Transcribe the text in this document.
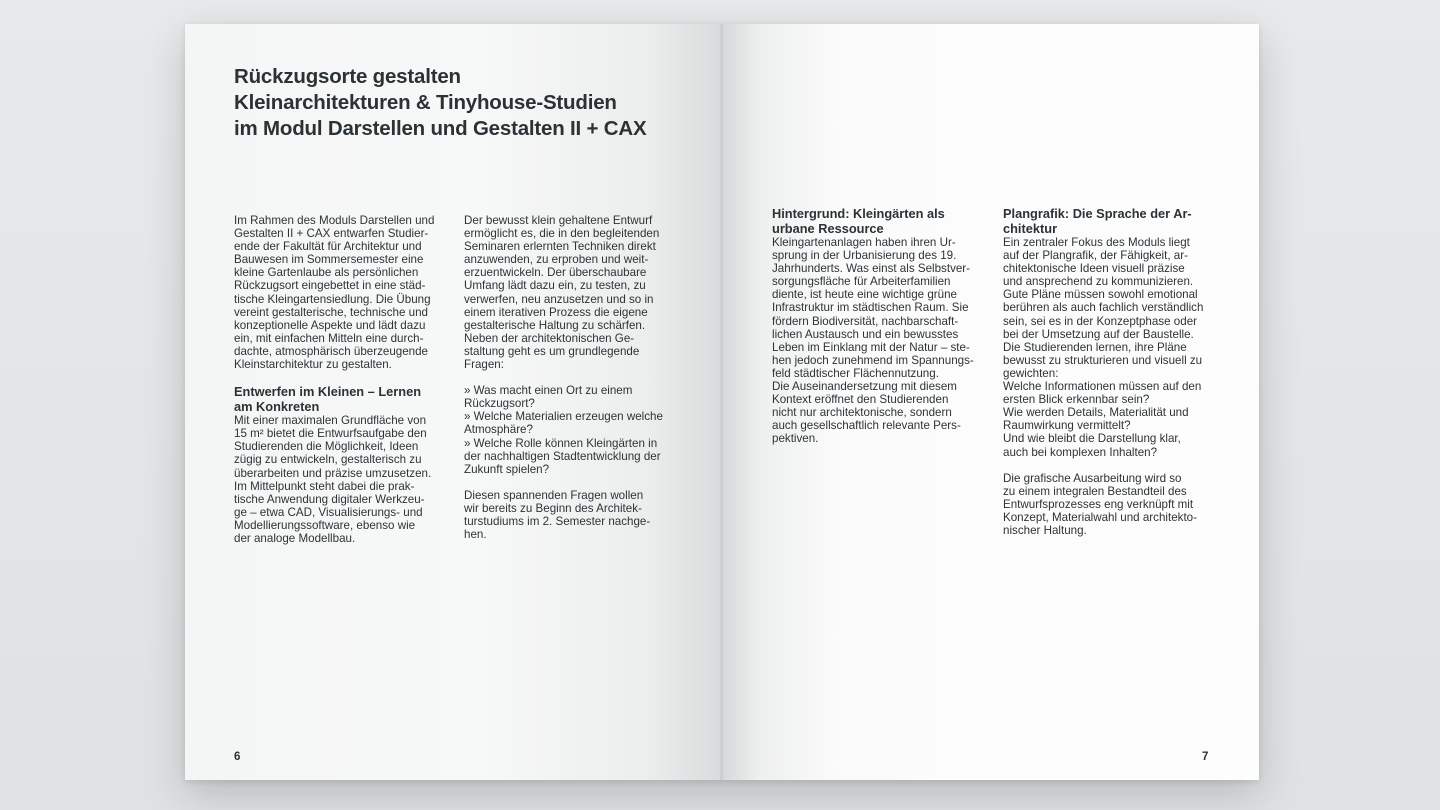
Rückzugsorte gestalten
Kleinarchitekturen & Tinyhouse-Studien
im Modul Darstellen und Gestalten II + CAX

Im Rahmen des Moduls Darstellen und
Gestalten II + CAX entwarfen Studier-
ende der Fakultät für Architektur und
Bauwesen im Sommersemester eine
kleine Gartenlaube als persönlichen
Rückzugsort eingebettet in eine städ-
tische Kleingartensiedlung. Die Übung
vereint gestalterische, technische und
konzeptionelle Aspekte und lädt dazu
ein, mit einfachen Mitteln eine durch-
dachte, atmosphärisch überzeugende
Kleinstarchitektur zu gestalten.

Entwerfen im Kleinen – Lernen
am Konkreten

Mit einer maximalen Grundfläche von
15 m² bietet die Entwurfsaufgabe den
Studierenden die Möglichkeit, Ideen
zügig zu entwickeln, gestalterisch zu
überarbeiten und präzise umzusetzen.
Im Mittelpunkt steht dabei die prak-
tische Anwendung digitaler Werkzeu-
ge – etwa CAD, Visualisierungs- und
Modellierungssoftware, ebenso wie
der analoge Modellbau.

Der bewusst klein gehaltene Entwurf
ermöglicht es, die in den begleitenden
Seminaren erlernten Techniken direkt
anzuwenden, zu erproben und weit-
erzuentwickeln. Der überschaubare
Umfang lädt dazu ein, zu testen, zu
verwerfen, neu anzusetzen und so in
einem iterativen Prozess die eigene
gestalterische Haltung zu schärfen.
Neben der architektonischen Ge-
staltung geht es um grundlegende
Fragen:

» Was macht einen Ort zu einem
Rückzugsort?
» Welche Materialien erzeugen welche
Atmosphäre?
» Welche Rolle können Kleingärten in
der nachhaltigen Stadtentwicklung der
Zukunft spielen?

Diesen spannenden Fragen wollen
wir bereits zu Beginn des Architek-
turstudiums im 2. Semester nachge-
hen.

6
Hintergrund: Kleingärten als
urbane Ressource

Kleingartenanlagen haben ihren Ur-
sprung in der Urbanisierung des 19.
Jahrhunderts. Was einst als Selbstver-
sorgungsfläche für Arbeiterfamilien
diente, ist heute eine wichtige grüne
Infrastruktur im städtischen Raum. Sie
fördern Biodiversität, nachbarschaft-
lichen Austausch und ein bewusstes
Leben im Einklang mit der Natur – ste-
hen jedoch zunehmend im Spannungs-
feld städtischer Flächennutzung.
Die Auseinandersetzung mit diesem
Kontext eröffnet den Studierenden
nicht nur architektonische, sondern
auch gesellschaftlich relevante Pers-
pektiven.

Plangrafik: Die Sprache der Ar-
chitektur

Ein zentraler Fokus des Moduls liegt
auf der Plangrafik, der Fähigkeit, ar-
chitektonische Ideen visuell präzise
und ansprechend zu kommunizieren.
Gute Pläne müssen sowohl emotional
berühren als auch fachlich verständlich
sein, sei es in der Konzeptphase oder
bei der Umsetzung auf der Baustelle.
Die Studierenden lernen, ihre Pläne
bewusst zu strukturieren und visuell zu
gewichten:
Welche Informationen müssen auf den
ersten Blick erkennbar sein?
Wie werden Details, Materialität und
Raumwirkung vermittelt?
Und wie bleibt die Darstellung klar,
auch bei komplexen Inhalten?

Die grafische Ausarbeitung wird so
zu einem integralen Bestandteil des
Entwurfsprozesses eng verknüpft mit
Konzept, Materialwahl und architekto-
nischer Haltung.

7
